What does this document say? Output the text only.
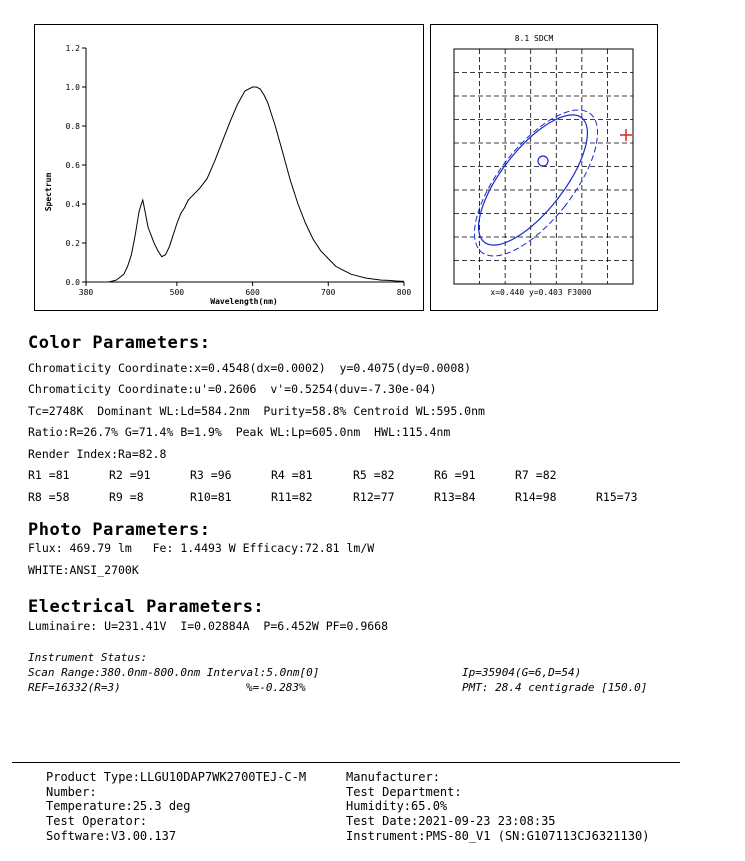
0.0
0.2
0.4
0.6
0.8
1.0
1.2
380	500	600	700	800
Spectrum
Wavelength(nm)
8.1 SDCM
x=0.440 y=0.403 F3000
Color Parameters:
Chromaticity Coordinate:x=0.4548(dx=0.0002)  y=0.4075(dy=0.0008)
Chromaticity Coordinate:u'=0.2606  v'=0.5254(duv=-7.30e-04)
Tc=2748K  Dominant WL:Ld=584.2nm  Purity=58.8% Centroid WL:595.0nm
Ratio:R=26.7% G=71.4% B=1.9%  Peak WL:Lp=605.0nm  HWL:115.4nm
Render Index:Ra=82.8
R1 =81	R2 =91	R3 =96	R4 =81	R5 =82	R6 =91	R7 =82
R8 =58	R9 =8	R10=81	R11=82	R12=77	R13=84	R14=98	R15=73
Photo Parameters:
Flux: 469.79 lm   Fe: 1.4493 W Efficacy:72.81 lm/W
WHITE:ANSI_2700K
Electrical Parameters:
Luminaire: U=231.41V  I=0.02884A  P=6.452W PF=0.9668
Instrument Status:
Scan Range:380.0nm-800.0nm Interval:5.0nm[0]	Ip=35904(G=6,D=54)
REF=16332(R=3)	%=-0.283%	PMT: 28.4 centigrade [150.0]
Product Type:LLGU10DAP7WK2700TEJ-C-M
Number:
Temperature:25.3 deg
Test Operator:
Software:V3.00.137
Manufacturer:
Test Department:
Humidity:65.0%
Test Date:2021-09-23 23:08:35
Instrument:PMS-80_V1 (SN:G107113CJ6321130)
